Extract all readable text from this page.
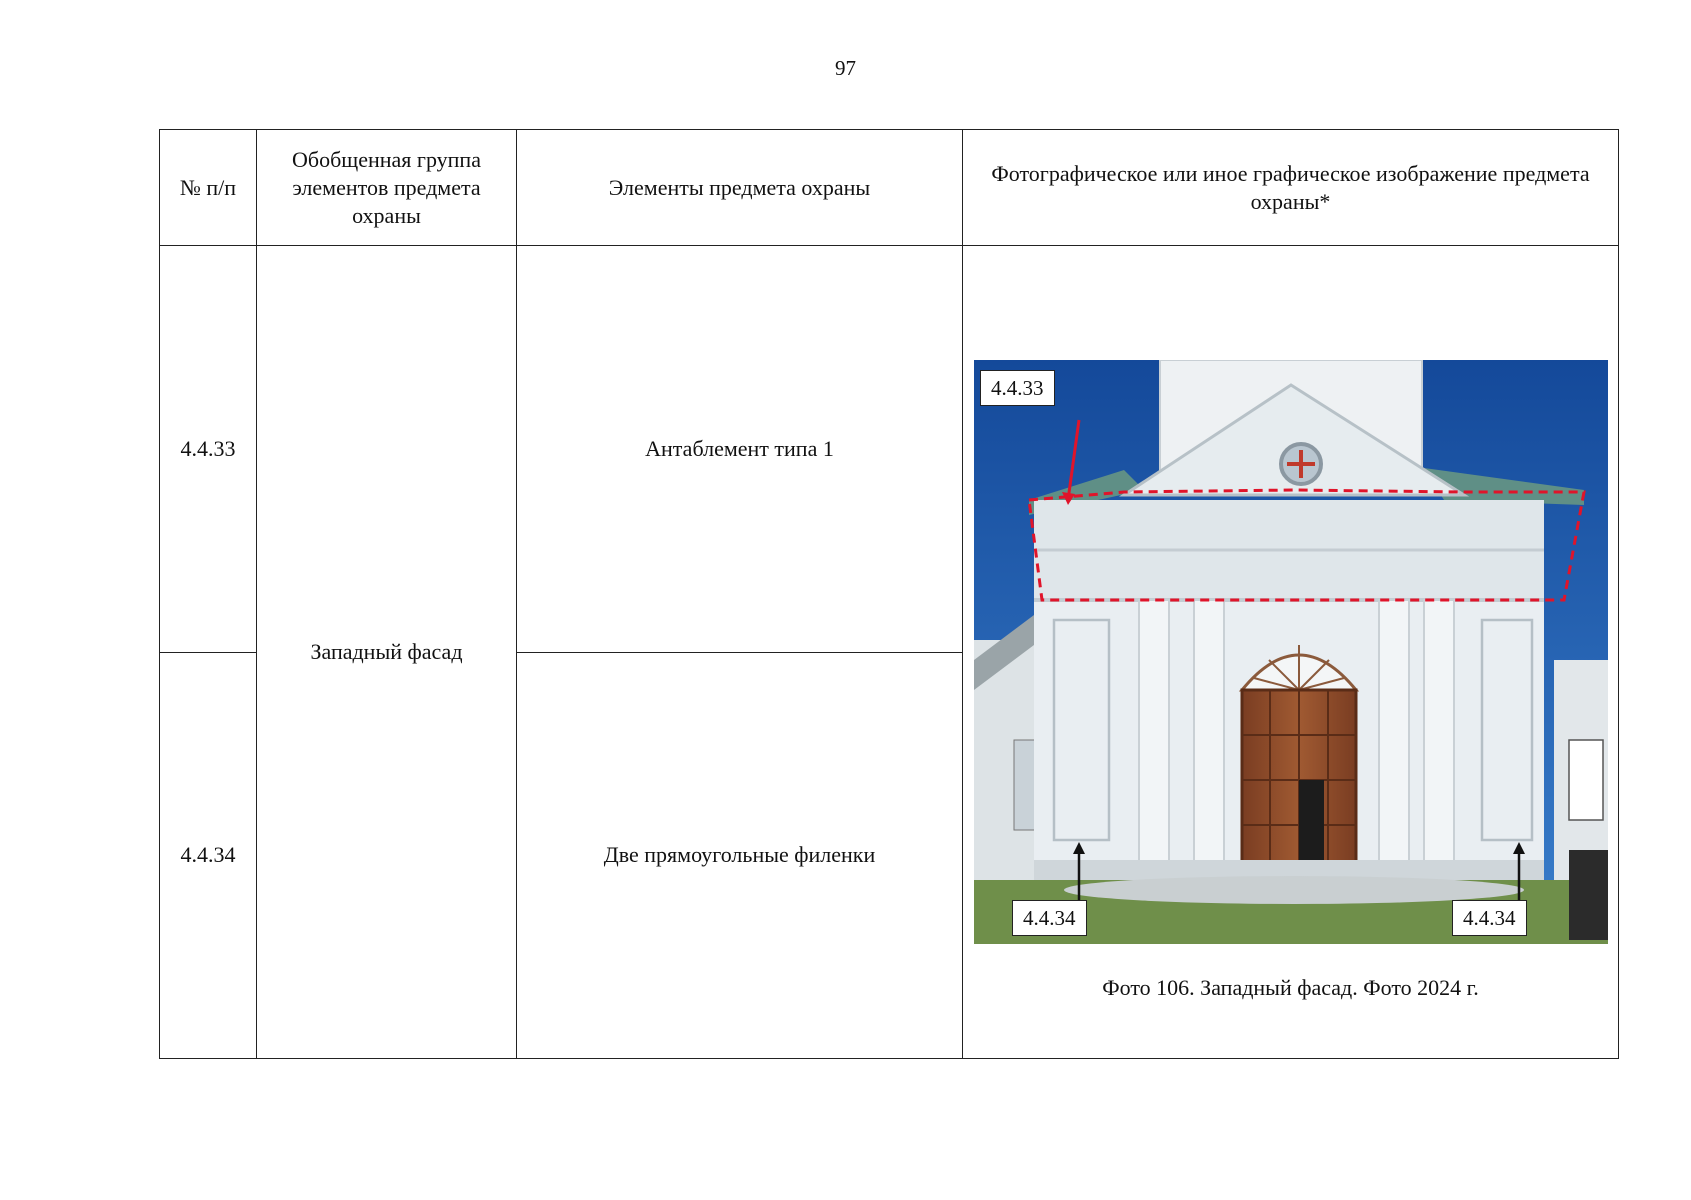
97
№ п/п	Обобщенная группа элементов предмета охраны	Элементы предмета охраны	Фотографическое или иное графическое изображение предмета охраны*
4.4.33	Западный фасад	Антаблемент типа 1	4.4.33
4.4.34 4.4.34
Фото 106. Западный фасад. Фото 2024 г.

4.4.34		Две прямоугольные филенки	
